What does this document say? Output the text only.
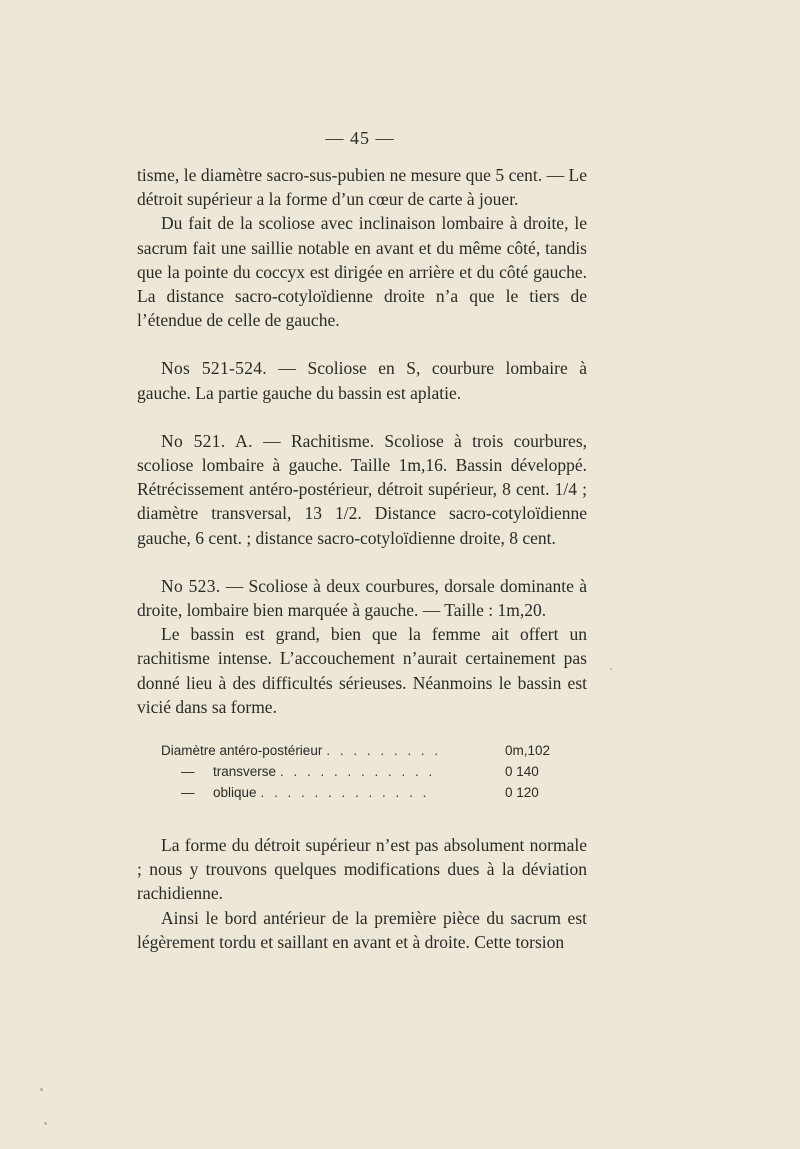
— 45 —

tisme, le diamètre sacro-sus-pubien ne mesure que 5 cent. — Le détroit supérieur a la forme d’un cœur de carte à jouer.

Du fait de la scoliose avec inclinaison lombaire à droite, le sacrum fait une saillie notable en avant et du même côté, tandis que la pointe du coccyx est dirigée en arrière et du côté gauche. La distance sacro-cotyloïdienne droite n’a que le tiers de l’étendue de celle de gauche.

Nos 521-524. — Scoliose en S, courbure lombaire à gauche. La partie gauche du bassin est aplatie.

No 521. A. — Rachitisme. Scoliose à trois courbures, scoliose lombaire à gauche. Taille 1m,16. Bassin développé. Rétrécissement antéro-postérieur, détroit supérieur, 8 cent. 1/4 ; diamètre transversal, 13 1/2. Distance sacro-cotyloïdienne gauche, 6 cent. ; distance sacro-cotyloïdienne droite, 8 cent.

No 523. — Scoliose à deux courbures, dorsale dominante à droite, lombaire bien marquée à gauche. — Taille : 1m,20.

Le bassin est grand, bien que la femme ait offert un rachitisme intense. L’accouchement n’aurait certainement pas donné lieu à des difficultés sérieuses. Néanmoins le bassin est vicié dans sa forme.

Diamètre antéro-postérieur . . . . . . . . .	0m,102
—	transverse . . . . . . . . . . . .	0 140
—	oblique . . . . . . . . . . . . .	0 120

La forme du détroit supérieur n’est pas absolument normale ; nous y trouvons quelques modifications dues à la déviation rachidienne.

Ainsi le bord antérieur de la première pièce du sacrum est légèrement tordu et saillant en avant et à droite. Cette torsion
